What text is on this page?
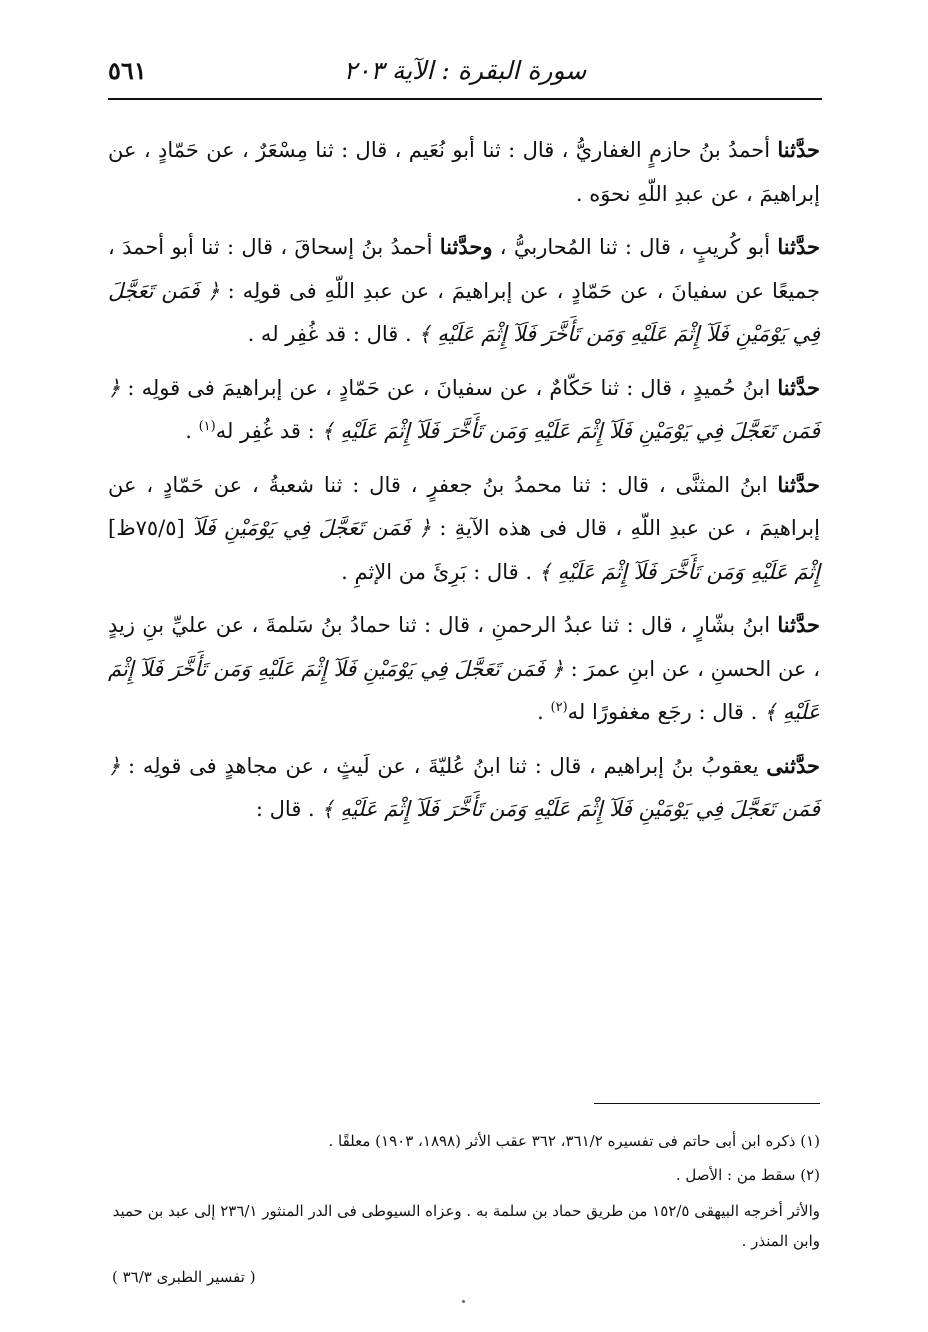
سورة البقرة : الآية ٢٠٣
٥٦١

حدَّثنا أحمدُ بنُ حازمٍ الغفاريُّ ، قال : ثنا أبو نُعَيم ، قال : ثنا مِسْعَرٌ ، عن حَمّادٍ ، عن إبراهيمَ ، عن عبدِ اللّهِ نحوَه .

حدَّثنا أبو كُريبٍ ، قال : ثنا المُحاربيُّ ، وحدَّثنا أحمدُ بنُ إسحاقَ ، قال : ثنا أبو أحمدَ ، جميعًا عن سفيانَ ، عن حَمّادٍ ، عن إبراهيمَ ، عن عبدِ اللّهِ فى قولِه : ﴿ فَمَن تَعَجَّلَ فِي يَوْمَيْنِ فَلَآ إِثْمَ عَلَيْهِ وَمَن تَأَخَّرَ فَلَآ إِثْمَ عَلَيْهِ ﴾ . قال : قد غُفِر له .

حدَّثنا ابنُ حُميدٍ ، قال : ثنا حَكّامٌ ، عن سفيانَ ، عن حَمّادٍ ، عن إبراهيمَ فى قولِه : ﴿ فَمَن تَعَجَّلَ فِي يَوْمَيْنِ فَلَآ إِثْمَ عَلَيْهِ وَمَن تَأَخَّرَ فَلَآ إِثْمَ عَلَيْهِ ﴾ : قد غُفِر له$^{(١)}$ .

حدَّثنا ابنُ المثنَّى ، قال : ثنا محمدُ بنُ جعفرٍ ، قال : ثنا شعبةُ ، عن حَمّادٍ ، عن إبراهيمَ ، عن عبدِ اللّهِ ، قال فى هذه الآيةِ : ﴿ فَمَن تَعَجَّلَ فِي يَوْمَيْنِ فَلَآ [٧٥/٥ظ] إِثْمَ عَلَيْهِ وَمَن تَأَخَّرَ فَلَآ إِثْمَ عَلَيْهِ ﴾ . قال : بَرِئَ من الإثمِ .

حدَّثنا ابنُ بشّارٍ ، قال : ثنا عبدُ الرحمنِ ، قال : ثنا حمادُ بنُ سَلمةَ ، عن عليِّ بنِ زيدٍ ، عن الحسنِ ، عن ابنِ عمرَ : ﴿ فَمَن تَعَجَّلَ فِي يَوْمَيْنِ فَلَآ إِثْمَ عَلَيْهِ وَمَن تَأَخَّرَ فَلَآ إِثْمَ عَلَيْهِ ﴾ . قال : رجَع مغفورًا له$^{(٢)}$ .

حدَّثنى يعقوبُ بنُ إبراهيم ، قال : ثنا ابنُ عُليّةَ ، عن لَيثٍ ، عن مجاهدٍ فى قولِه : ﴿ فَمَن تَعَجَّلَ فِي يَوْمَيْنِ فَلَآ إِثْمَ عَلَيْهِ وَمَن تَأَخَّرَ فَلَآ إِثْمَ عَلَيْهِ ﴾ . قال :

(١) ذكره ابن أبى حاتم فى تفسيره ٣٦١/٢، ٣٦٢ عقب الأثر (١٨٩٨، ١٩٠٣) معلقًا .

(٢) سقط من : الأصل .

والأثر أخرجه البيهقى ١٥٢/٥ من طريق حماد بن سلمة به . وعزاه السيوطى فى الدر المنثور ٢٣٦/١ إلى عبد بن حميد وابن المنذر .

( تفسير الطبرى ٣٦/٣ )
